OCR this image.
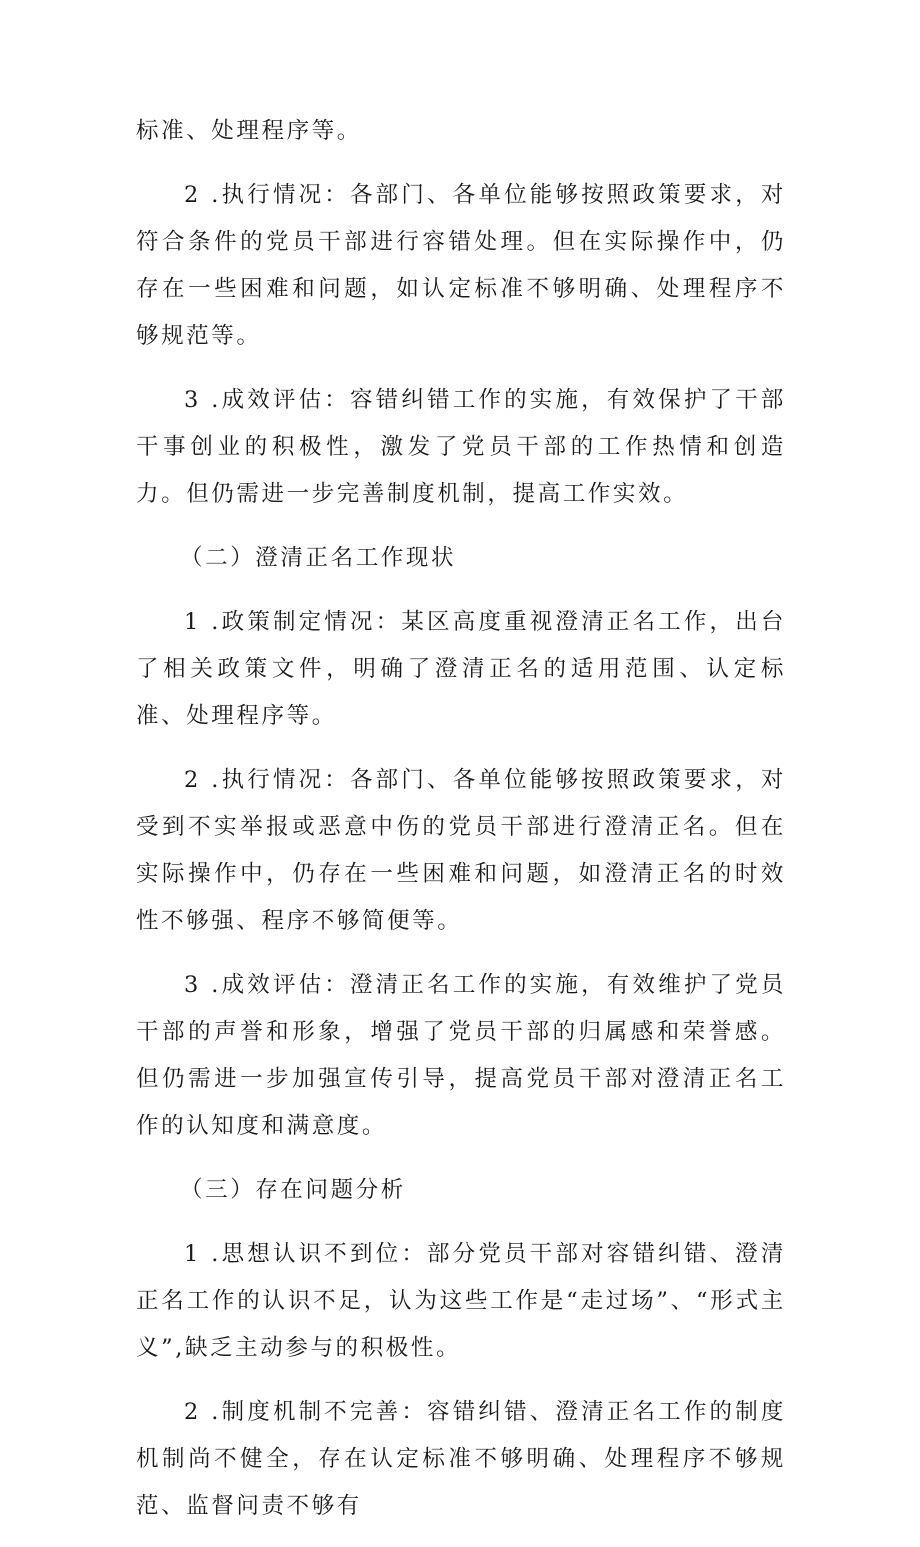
标准、处理程序等。

2 .执行情况：各部门、各单位能够按照政策要求，对符合条件的党员干部进行容错处理。但在实际操作中，仍存在一些困难和问题，如认定标准不够明确、处理程序不够规范等。

3 .成效评估：容错纠错工作的实施，有效保护了干部干事创业的积极性，激发了党员干部的工作热情和创造力。但仍需进一步完善制度机制，提高工作实效。

（二）澄清正名工作现状

1 .政策制定情况：某区高度重视澄清正名工作，出台了相关政策文件，明确了澄清正名的适用范围、认定标准、处理程序等。

2 .执行情况：各部门、各单位能够按照政策要求，对受到不实举报或恶意中伤的党员干部进行澄清正名。但在实际操作中，仍存在一些困难和问题，如澄清正名的时效性不够强、程序不够简便等。

3 .成效评估：澄清正名工作的实施，有效维护了党员干部的声誉和形象，增强了党员干部的归属感和荣誉感。但仍需进一步加强宣传引导，提高党员干部对澄清正名工作的认知度和满意度。

（三）存在问题分析

1 .思想认识不到位：部分党员干部对容错纠错、澄清正名工作的认识不足，认为这些工作是“走过场”、“形式主义”,缺乏主动参与的积极性。

2 .制度机制不完善：容错纠错、澄清正名工作的制度机制尚不健全，存在认定标准不够明确、处理程序不够规范、监督问责不够有
